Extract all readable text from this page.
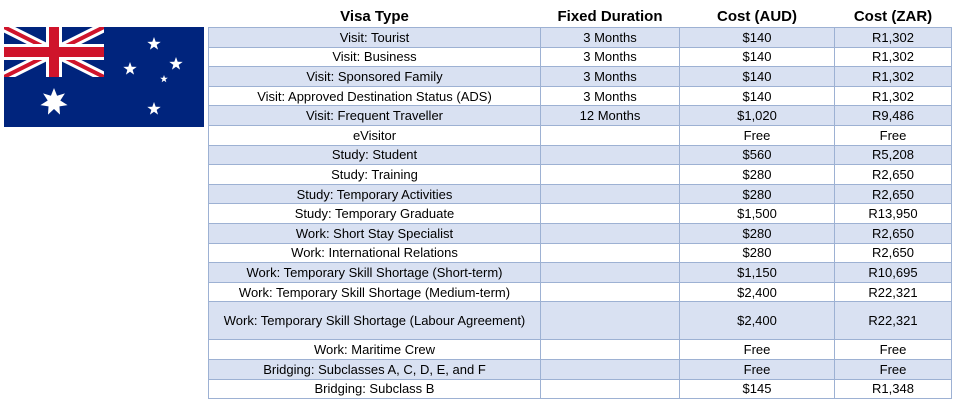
Visa Type	Fixed Duration	Cost (AUD)	Cost (ZAR)
Visit: Tourist	3 Months	$140	R1,302
Visit: Business	3 Months	$140	R1,302
Visit: Sponsored Family	3 Months	$140	R1,302
Visit: Approved Destination Status (ADS)	3 Months	$140	R1,302
Visit: Frequent Traveller	12 Months	$1,020	R9,486
eVisitor		Free	Free
Study: Student		$560	R5,208
Study: Training		$280	R2,650
Study: Temporary Activities		$280	R2,650
Study: Temporary Graduate		$1,500	R13,950
Work: Short Stay Specialist		$280	R2,650
Work: International Relations		$280	R2,650
Work: Temporary Skill Shortage (Short-term)		$1,150	R10,695
Work: Temporary Skill Shortage (Medium-term)		$2,400	R22,321
Work: Temporary Skill Shortage (Labour Agreement)		$2,400	R22,321
Work: Maritime Crew		Free	Free
Bridging: Subclasses A, C, D, E, and F		Free	Free
Bridging: Subclass B		$145	R1,348
